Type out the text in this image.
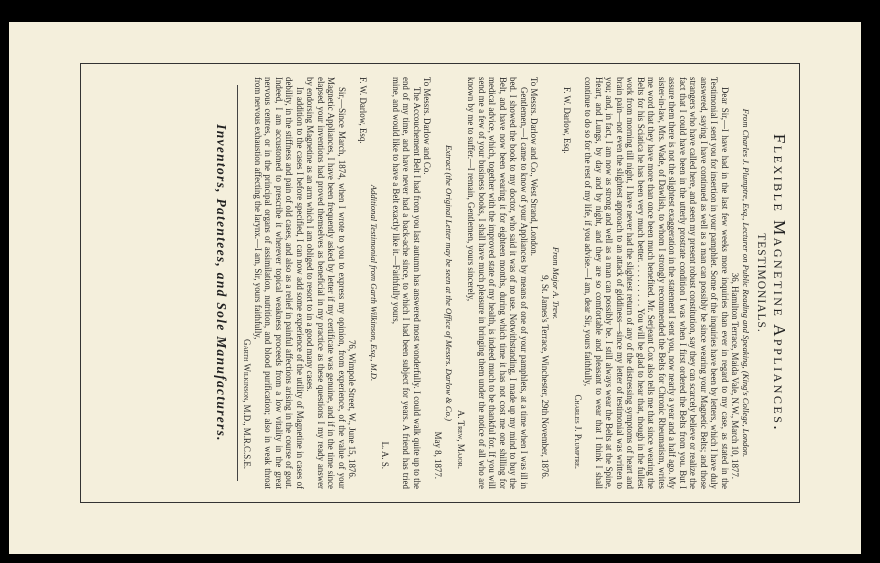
Flexible Magnetine Appliances.
TESTIMONIALS.
From Charles J. Plumptre, Esq., Lecturer on Public Reading and Speaking, (King's College, London.
36, Hamilton Terrace, Maida Vale, N.W., March 10, 1877.

Dear Sir,—I have had in the last few weeks more inquiries than ever in regard to my case, as stated in the Testimonial I sent you for insertion in your pamphlet. Some of the inquiries have been by letters, which I have duly answered, saying I have continued as well as a man can possibly be since wearing your Magnetic Belts; and those strangers who have called here, and seen my present robust constitution, say they can scarcely believe or realize the fact that I could have been in the utterly prostrate condition I was when I first ordered the Belts from you. But I assure them there is not the slightest exaggeration in the statement I sent you, now nearly a year and a half ago. My sister-in-law, Mrs. Wade, of Dawlish, to whom I strongly recommended the Belts for Chronic Rheumatism, writes me word that they have more than once been much benefited. Mr. Serjeant Cox also tells me that since wearing the Belts for his Sciatica he has been very much better. . . . . . . . . . You will be glad to hear that, though in the fullest work from morning till night, I have never had the slightest return of any of the distressing symptoms of heart and brain pain—not even the slightest approach to an attack of giddiness—since my letter of testimonial was written to you; and, in fact, I am now as strong and well as a man can possibly be. I still always wear the Belts at the Spine, Heart, and Lungs, by day and by night, and they are so comfortable and pleasant to wear that I think I shall continue to do so for the rest of my life, if you advise.—I am, dear Sir, yours faithfully,

Charles J. Plumptre.
F. W. Darlow, Esq.
From Major A. Trew.
9, St. James's Terrace, Winchester, 29th November, 1876.
To Messrs. Darlow and Co., West Strand, London.

Gentlemen,—I came to know of your Appliances by means of one of your pamphlets, at a time when I was ill in bed. I showed the book to my doctor, who said it was of no use. Notwithstanding, I made up my mind to buy the Belt, and have now been wearing it for eighteen months, during which time it has not cost me one shilling for medical advice, which, together with the improved state of my health, is indeed much to be thankful for. If you will send me a few of your business books, I shall have much pleasure in bringing them under the notice of all who are known by me to suffer.—I remain, Gentlemen, yours sincerely,

A. Trew, Major.
Extract (the Original Letter may be seen at the Office of Messrs. Darlow & Co.)
May 8, 1877.
To Messrs. Darlow and Co.

The Accouchement Belt I had from you last autumn has answered most wonderfully. I could walk quite up to the end of my time, and have never had a back-ache since, to which I had been subject for years. A friend has tried mine, and would like to have a Belt exactly like it.—Faithfully yours,

L. A. S.
Additional Testimonial from Garth Wilkinson, Esq., M.D.
F. W. Darlow, Esq.
76, Wimpole Street, W., June 15, 1876.

Sir,—Since March, 1874, when I wrote to you to express my opinion, from experience, of the value of your Magnetic Appliances, I have been frequently asked by letter if my certificate was genuine, and if in the time since elapsed your inventions had proved themselves as beneficial in my practice as these questions I my ready answer by endorsing Magnetine as an arm which I am obliged to resort to in a good many cases.

In addition to the cases I before specified, I can now add some experience of the utility of Magnetine in cases of debility, in the stiffness and pain of old cases, and also as a relief in painful affections arising in the course of gout. Indeed, I am accustomed to prescribe it wherever topical weakness proceeds from a low vitality in the great nervous centres, or in the principal organs of assimilation, nutrition, and blood purification; also in weak throat from nervous exhaustion affecting the larynx.—I am, Sir, yours faithfully,

Garth Wilkinson, M.D., M.R.C.S.E.
Inventors, Patentees, and Sole Manufacturers.
